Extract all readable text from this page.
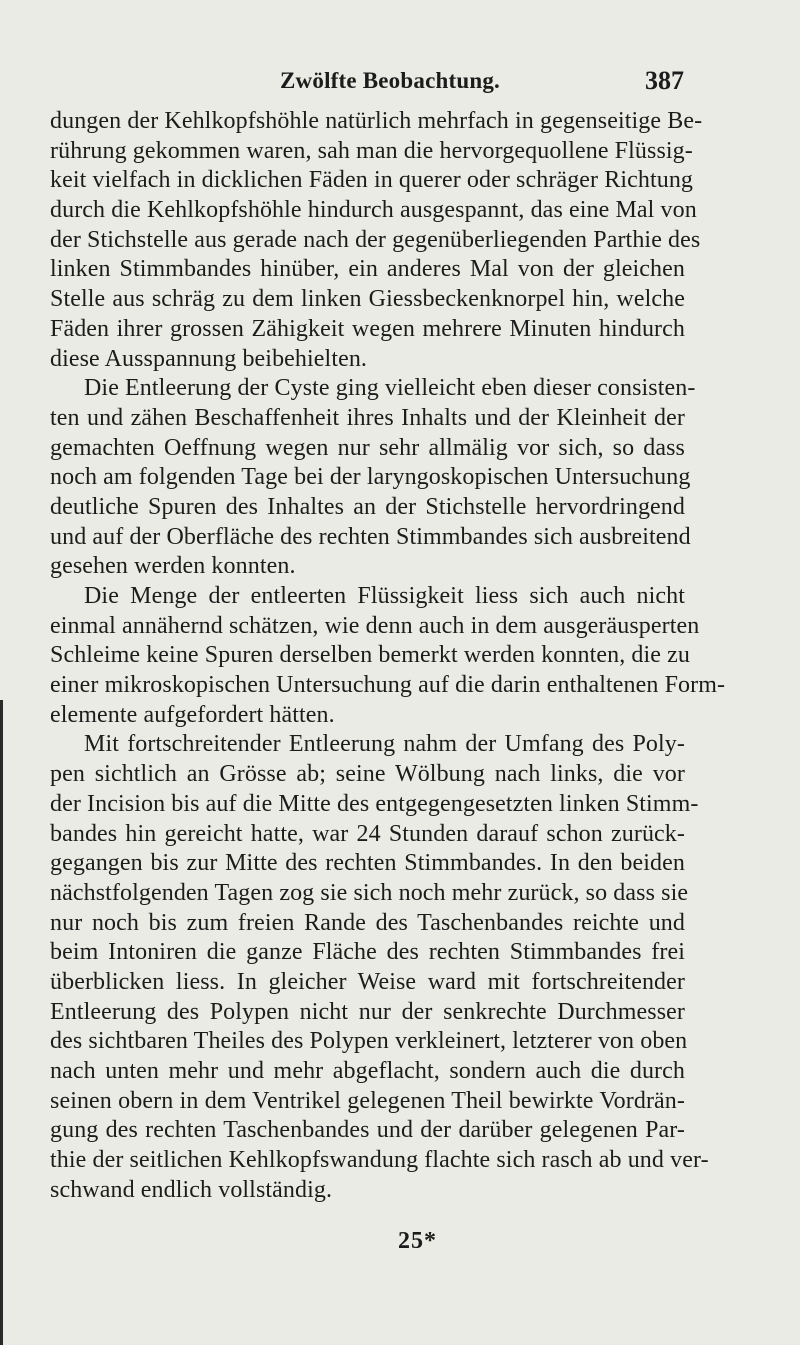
Zwölfte Beobachtung.	387
dungen der Kehlkopfshöhle natürlich mehrfach in gegenseitige Be-
rührung gekommen waren, sah man die hervorgequollene Flüssig-
keit vielfach in dicklichen Fäden in querer oder schräger Richtung
durch die Kehlkopfshöhle hindurch ausgespannt, das eine Mal von
der Stichstelle aus gerade nach der gegenüberliegenden Parthie des
linken Stimmbandes hinüber, ein anderes Mal von der gleichen
Stelle aus schräg zu dem linken Giessbeckenknorpel hin, welche
Fäden ihrer grossen Zähigkeit wegen mehrere Minuten hindurch
diese Ausspannung beibehielten.
Die Entleerung der Cyste ging vielleicht eben dieser consisten-
ten und zähen Beschaffenheit ihres Inhalts und der Kleinheit der
gemachten Oeffnung wegen nur sehr allmälig vor sich, so dass
noch am folgenden Tage bei der laryngoskopischen Untersuchung
deutliche Spuren des Inhaltes an der Stichstelle hervordringend
und auf der Oberfläche des rechten Stimmbandes sich ausbreitend
gesehen werden konnten.
Die Menge der entleerten Flüssigkeit liess sich auch nicht
einmal annähernd schätzen, wie denn auch in dem ausgeräusperten
Schleime keine Spuren derselben bemerkt werden konnten, die zu
einer mikroskopischen Untersuchung auf die darin enthaltenen Form-
elemente aufgefordert hätten.
Mit fortschreitender Entleerung nahm der Umfang des Poly-
pen sichtlich an Grösse ab; seine Wölbung nach links, die vor
der Incision bis auf die Mitte des entgegengesetzten linken Stimm-
bandes hin gereicht hatte, war 24 Stunden darauf schon zurück-
gegangen bis zur Mitte des rechten Stimmbandes. In den beiden
nächstfolgenden Tagen zog sie sich noch mehr zurück, so dass sie
nur noch bis zum freien Rande des Taschenbandes reichte und
beim Intoniren die ganze Fläche des rechten Stimmbandes frei
überblicken liess. In gleicher Weise ward mit fortschreitender
Entleerung des Polypen nicht nur der senkrechte Durchmesser
des sichtbaren Theiles des Polypen verkleinert, letzterer von oben
nach unten mehr und mehr abgeflacht, sondern auch die durch
seinen obern in dem Ventrikel gelegenen Theil bewirkte Vordrän-
gung des rechten Taschenbandes und der darüber gelegenen Par-
thie der seitlichen Kehlkopfswandung flachte sich rasch ab und ver-
schwand endlich vollständig.
25*
